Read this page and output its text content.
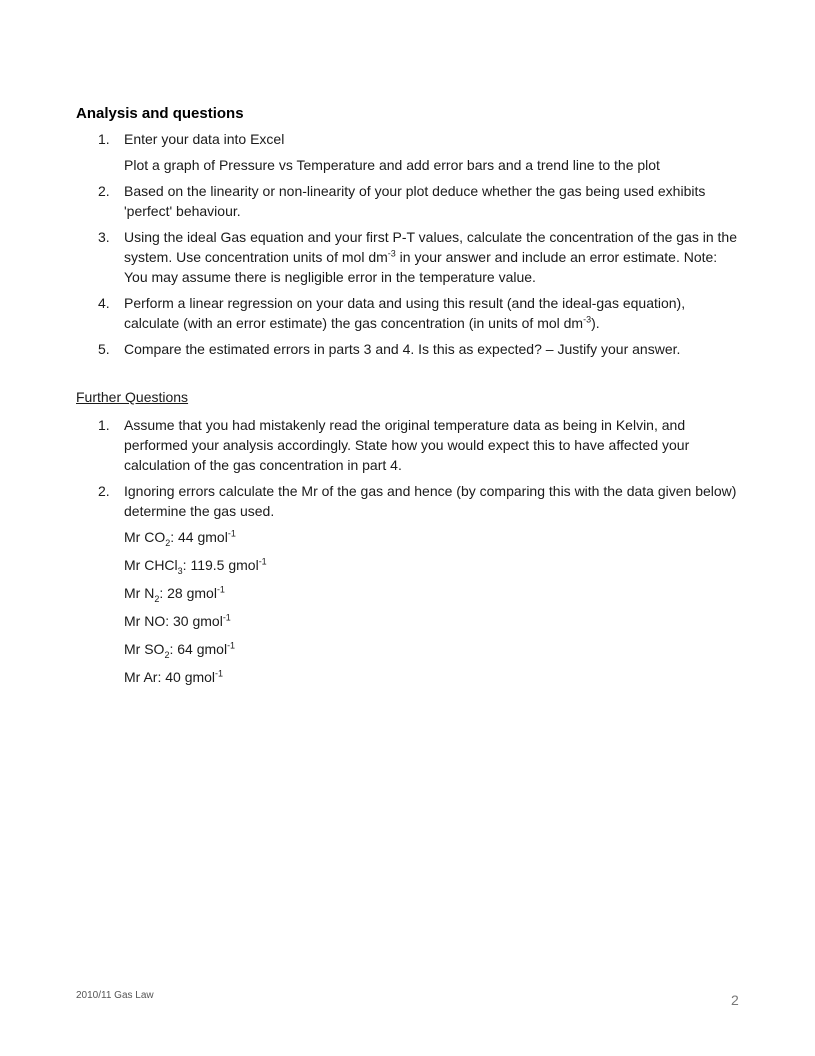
Analysis and questions
1. Enter your data into Excel

Plot a graph of Pressure vs Temperature and add error bars and a trend line to the plot

2. Based on the linearity or non-linearity of your plot deduce whether the gas being used exhibits 'perfect' behaviour.

3. Using the ideal Gas equation and your first P-T values, calculate the concentration of the gas in the system. Use concentration units of mol $dm^{-3}$ in your answer and include an error estimate. Note: You may assume there is negligible error in the temperature value.

4. Perform a linear regression on your data and using this result (and the ideal-gas equation), calculate (with an error estimate) the gas concentration (in units of mol $dm^{-3}$).

5. Compare the estimated errors in parts 3 and 4. Is this as expected? – Justify your answer.

Further Questions
1. Assume that you had mistakenly read the original temperature data as being in Kelvin, and performed your analysis accordingly. State how you would expect this to have affected your calculation of the gas concentration in part 4.

2. Ignoring errors calculate the Mr of the gas and hence (by comparing this with the data given below) determine the gas used.

Mr $CO_2$: 44 gmol$^{-1}$
Mr CHCl$_3$: 119.5 gmol$^{-1}$
Mr $N_2$: 28 gmol$^{-1}$
Mr NO: 30 gmol$^{-1}$
Mr $SO_2$: 64 gmol$^{-1}$
Mr Ar: 40 gmol$^{-1}$
2010/11 Gas Law	2
